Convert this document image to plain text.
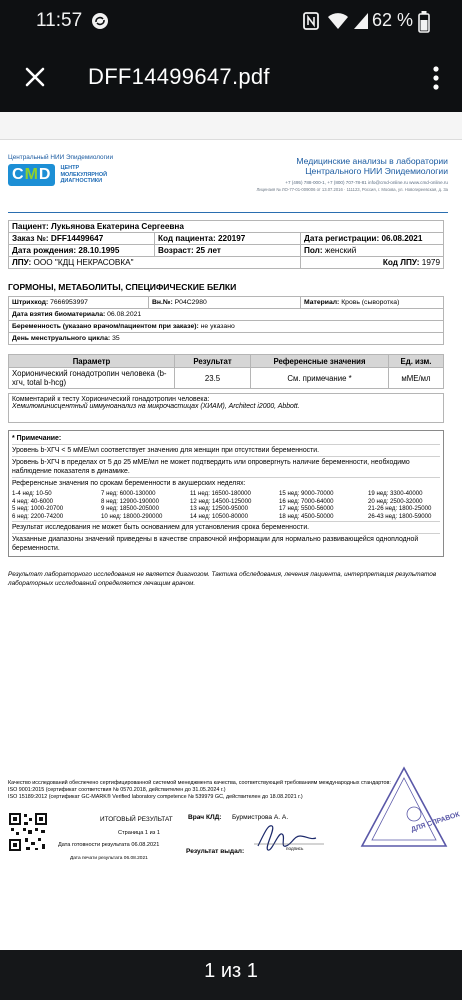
11:57	62 %
DFF14499647.pdf
Центральный НИИ Эпидемиологии
CMD	ЦЕНТР
МОЛЕКУЛЯРНОЙ
ДИАГНОСТИКИ
Медицинские анализы в лаборатории
Центрального НИИ Эпидемиологии
+7 (495) 788-000-1, +7 (800) 707-78-81 info@cmd-online.ru www.cmd-online.ru
Лицензия № ЛО-77-01-009006 от 13.07.2016 · 111123, Россия, г. Москва, ул. Новогиреевская, д. 3а
Пациент: Лукьянова Екатерина Сергеевна		
Заказ №: DFF14499647	Код пациента: 220197	Дата регистрации: 06.08.2021
Дата рождения: 28.10.1995	Возраст: 25 лет	Пол: женский
ЛПУ: ООО "КДЦ НЕКРАСОВКА"		Код ЛПУ: 1979
ГОРМОНЫ, МЕТАБОЛИТЫ, СПЕЦИФИЧЕСКИЕ БЕЛКИ
Штрихкод: 7666953997	Вн.№: P04C2980	Материал: Кровь (сыворотка)
Дата взятия биоматериала: 06.08.2021
Беременность (указано врачом/пациентом при заказе): не указано
День менструального цикла: 35
Параметр	Результат	Референсные значения	Ед. изм.
Хорионический гонадотропин человека (b-хгч, total b-hcg)	23.5	См. примечание *	мМЕ/мл
Комментарий к тесту Хорионический гонадотропин человека:
Хемилюминисцентный иммуноанализ на микрочастицах (ХИАМ), Architect i2000, Abbott.

* Примечание:

Уровень b-ХГЧ < 5 мМЕ/мл соответствует значению для женщин при отсутствии беременности.

Уровень b-ХГЧ в пределах от 5 до 25 мМЕ/мл не может подтвердить или опровергнуть наличие беременности, необходимо наблюдение показателя в динамике.

Референсные значения по срокам беременности в акушерских неделях:

1-4 нед: 10-50	7 нед: 6000-130000	11 нед: 16500-180000	15 нед: 9000-70000	19 нед: 3300-40000
4 нед: 40-6000	8 нед: 12900-190000	12 нед: 14500-125000	16 нед: 7000-64000	20 нед: 2500-32000
5 нед: 1000-20700	9 нед: 18500-205000	13 нед: 12500-95000	17 нед: 5500-56000	21-26 нед: 1800-25000
6 нед: 2200-74200	10 нед: 18000-290000	14 нед: 10500-80000	18 нед: 4500-50000	26-43 нед: 1800-59000

Результат исследования не может быть основанием для установления срока беременности.

Указанные диапазоны значений приведены в качестве справочной информации для нормально развивающейся одноплодной беременности.

Результат лабораторного исследования не является диагнозом. Тактика обследования, лечения пациента, интерпретация результатов лабораторных исследований определяется лечащим врачом.
Качество исследований обеспечено сертифицированной системой менеджмента качества, соответствующей требованиям международных стандартов:
ISO 9001:2015 (сертификат соответствия № 0570.2018, действителен до 31.05.2024 г.)
ISO 15189:2012 (сертификат GC-MARK® Verified laboratory competence № 539979 GC, действителен до 18.08.2021 г.)
ИТОГОВЫЙ РЕЗУЛЬТАТ
Страница 1 из 1
Дата готовности результата 06.08.2021
Дата печати результата 06.08.2021
Врач КЛД: Бурмистрова А. А.
Результат выдал:	подпись
ДЛЯ СПРАВОК
1 из 1
